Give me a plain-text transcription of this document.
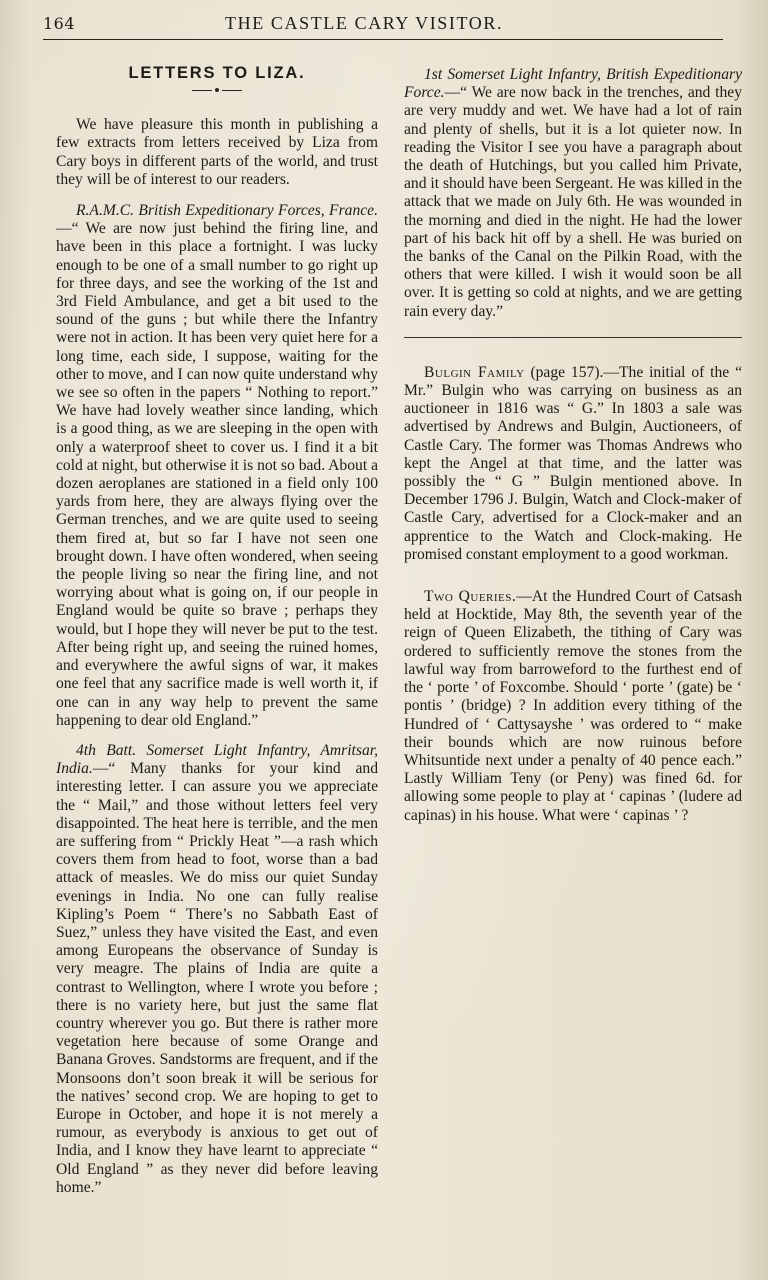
164	THE CASTLE CARY VISITOR.
LETTERS TO LIZA.

We have pleasure this month in publishing a few extracts from letters received by Liza from Cary boys in different parts of the world, and trust they will be of interest to our readers.

R.A.M.C. British Expeditionary Forces, France.—“ We are now just behind the firing line, and have been in this place a fortnight. I was lucky enough to be one of a small number to go right up for three days, and see the working of the 1st and 3rd Field Ambulance, and get a bit used to the sound of the guns ; but while there the Infantry were not in action. It has been very quiet here for a long time, each side, I suppose, waiting for the other to move, and I can now quite understand why we see so often in the papers “ Nothing to report.” We have had lovely weather since landing, which is a good thing, as we are sleeping in the open with only a waterproof sheet to cover us. I find it a bit cold at night, but otherwise it is not so bad. About a dozen aeroplanes are stationed in a field only 100 yards from here, they are always flying over the German trenches, and we are quite used to seeing them fired at, but so far I have not seen one brought down. I have often wondered, when seeing the people living so near the firing line, and not worrying about what is going on, if our people in England would be quite so brave ; perhaps they would, but I hope they will never be put to the test. After being right up, and seeing the ruined homes, and everywhere the awful signs of war, it makes one feel that any sacrifice made is well worth it, if one can in any way help to prevent the same happening to dear old England.”

4th Batt. Somerset Light Infantry, Amritsar, India.—“ Many thanks for your kind and interesting letter. I can assure you we appreciate the “ Mail,” and those without letters feel very disappointed. The heat here is terrible, and the men are suffering from “ Prickly Heat ”—a rash which covers them from head to foot, worse than a bad attack of measles. We do miss our quiet Sunday evenings in India. No one can fully realise Kipling’s Poem “ There’s no Sabbath East of Suez,” unless they have visited the East, and even among Europeans the observance of Sunday is very meagre. The plains of India are quite a contrast to Wellington, where I wrote you before ; there is no variety here, but just the same flat country wherever you go. But there is rather more vegetation here because of some Orange and Banana Groves. Sandstorms are frequent, and if the Monsoons don’t soon break it will be serious for the natives’ second crop. We are hoping to get to Europe in October, and hope it is not merely a rumour, as everybody is anxious to get out of India, and I know they have learnt to appreciate “ Old England ” as they never did before leaving home.”

1st Somerset Light Infantry, British Expeditionary Force.—“ We are now back in the trenches, and they are very muddy and wet. We have had a lot of rain and plenty of shells, but it is a lot quieter now. In reading the Visitor I see you have a paragraph about the death of Hutchings, but you called him Private, and it should have been Sergeant. He was killed in the attack that we made on July 6th. He was wounded in the morning and died in the night. He had the lower part of his back hit off by a shell. He was buried on the banks of the Canal on the Pilkin Road, with the others that were killed. I wish it would soon be all over. It is getting so cold at nights, and we are getting rain every day.”

Bulgin Family (page 157).—The initial of the “ Mr.” Bulgin who was carrying on business as an auctioneer in 1816 was “ G.” In 1803 a sale was advertised by Andrews and Bulgin, Auctioneers, of Castle Cary. The former was Thomas Andrews who kept the Angel at that time, and the latter was possibly the “ G ” Bulgin mentioned above. In December 1796 J. Bulgin, Watch and Clock-maker of Castle Cary, advertised for a Clock-maker and an apprentice to the Watch and Clock-making. He promised constant employment to a good workman.

Two Queries.—At the Hundred Court of Catsash held at Hocktide, May 8th, the seventh year of the reign of Queen Elizabeth, the tithing of Cary was ordered to sufficiently remove the stones from the lawful way from barroweford to the furthest end of the ‘ porte ’ of Foxcombe. Should ‘ porte ’ (gate) be ‘ pontis ’ (bridge) ? In addition every tithing of the Hundred of ‘ Cattysayshe ’ was ordered to “ make their bounds which are now ruinous before Whitsuntide next under a penalty of 40 pence each.” Lastly William Teny (or Peny) was fined 6d. for allowing some people to play at ‘ capinas ’ (ludere ad capinas) in his house. What were ‘ capinas ’ ?
